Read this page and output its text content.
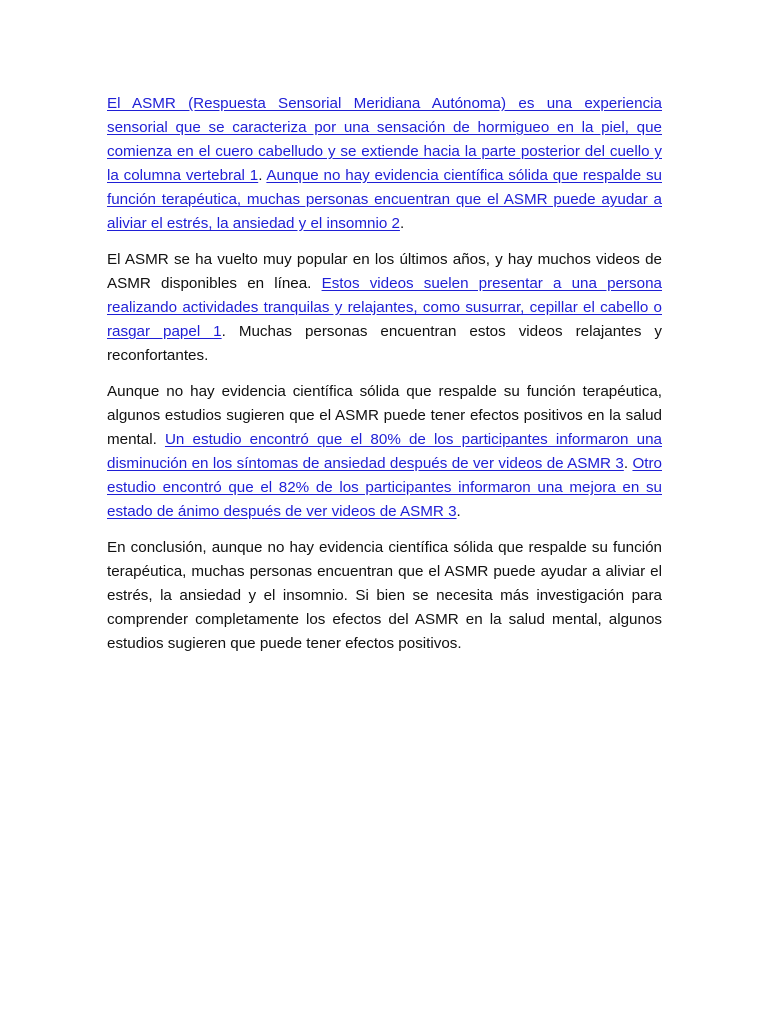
El ASMR (Respuesta Sensorial Meridiana Autónoma) es una experiencia sensorial que se caracteriza por una sensación de hormigueo en la piel, que comienza en el cuero cabelludo y se extiende hacia la parte posterior del cuello y la columna vertebral 1. Aunque no hay evidencia científica sólida que respalde su función terapéutica, muchas personas encuentran que el ASMR puede ayudar a aliviar el estrés, la ansiedad y el insomnio 2.

El ASMR se ha vuelto muy popular en los últimos años, y hay muchos videos de ASMR disponibles en línea. Estos videos suelen presentar a una persona realizando actividades tranquilas y relajantes, como susurrar, cepillar el cabello o rasgar papel 1. Muchas personas encuentran estos videos relajantes y reconfortantes.

Aunque no hay evidencia científica sólida que respalde su función terapéutica, algunos estudios sugieren que el ASMR puede tener efectos positivos en la salud mental. Un estudio encontró que el 80% de los participantes informaron una disminución en los síntomas de ansiedad después de ver videos de ASMR 3. Otro estudio encontró que el 82% de los participantes informaron una mejora en su estado de ánimo después de ver videos de ASMR 3.

En conclusión, aunque no hay evidencia científica sólida que respalde su función terapéutica, muchas personas encuentran que el ASMR puede ayudar a aliviar el estrés, la ansiedad y el insomnio. Si bien se necesita más investigación para comprender completamente los efectos del ASMR en la salud mental, algunos estudios sugieren que puede tener efectos positivos.
